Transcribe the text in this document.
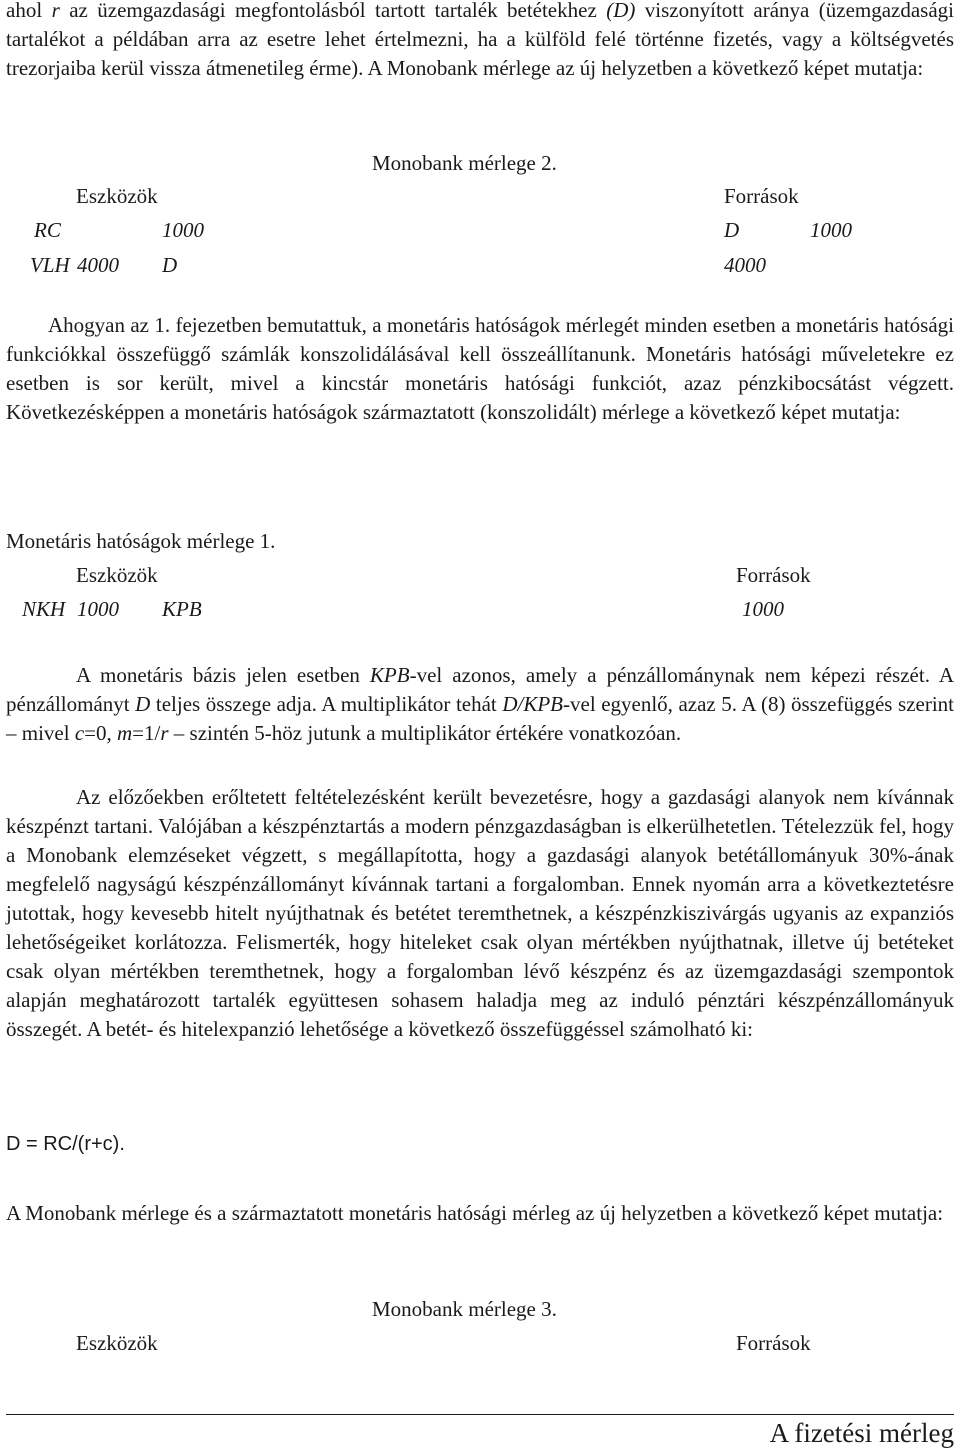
ahol r az üzemgazdasági megfontolásból tartott tartalék betétekhez (D) viszonyított aránya (üzemgazdasági tartalékot a példában arra az esetre lehet értelmezni, ha a külföld felé történne fizetés, vagy a költségvetés trezorjaiba kerül vissza átmenetileg érme). A Monobank mérlege az új helyzetben a következő képet mutatja:

Monobank mérlege 2.
Eszközök	Források
RC	1000	D	1000
VLH 4000 D	4000

Ahogyan az 1. fejezetben bemutattuk, a monetáris hatóságok mérlegét minden esetben a monetáris hatósági funkciókkal összefüggő számlák konszolidálásával kell összeállítanunk. Monetáris hatósági műveletekre ez esetben is sor került, mivel a kincstár monetáris hatósági funkciót, azaz pénzkibocsátást végzett. Következésképpen a monetáris hatóságok származtatott (konszolidált) mérlege a következő képet mutatja:

Monetáris hatóságok mérlege 1.
Eszközök	Források
NKH 1000 KPB	1000

A monetáris bázis jelen esetben KPB-vel azonos, amely a pénzállománynak nem képezi részét. A pénzállományt D teljes összege adja. A multiplikátor tehát D/KPB-vel egyenlő, azaz 5. A (8) összefüggés szerint – mivel c=0, m=1/r – szintén 5-höz jutunk a multiplikátor értékére vonatkozóan.

Az előzőekben erőltetett feltételezésként került bevezetésre, hogy a gazdasági alanyok nem kívánnak készpénzt tartani. Valójában a készpénztartás a modern pénzgazdaságban is elkerülhetetlen. Tételezzük fel, hogy a Monobank elemzéseket végzett, s megállapította, hogy a gazdasági alanyok betétállományuk 30%-ának megfelelő nagyságú készpénzállományt kívánnak tartani a forgalomban. Ennek nyomán arra a következtetésre jutottak, hogy kevesebb hitelt nyújthatnak és betétet teremthetnek, a készpénzkiszivárgás ugyanis az expanziós lehetőségeiket korlátozza. Felismerték, hogy hiteleket csak olyan mértékben nyújthatnak, illetve új betéteket csak olyan mértékben teremthetnek, hogy a forgalomban lévő készpénz és az üzemgazdasági szempontok alapján meghatározott tartalék együttesen sohasem haladja meg az induló pénztári készpénzállományuk összegét. A betét- és hitelexpanzió lehetősége a következő összefüggéssel számolható ki:

D = RC/(r+c).

A Monobank mérlege és a származtatott monetáris hatósági mérleg az új helyzetben a következő képet mutatja:

Monobank mérlege 3.
Eszközök	Források
A fizetési mérleg
